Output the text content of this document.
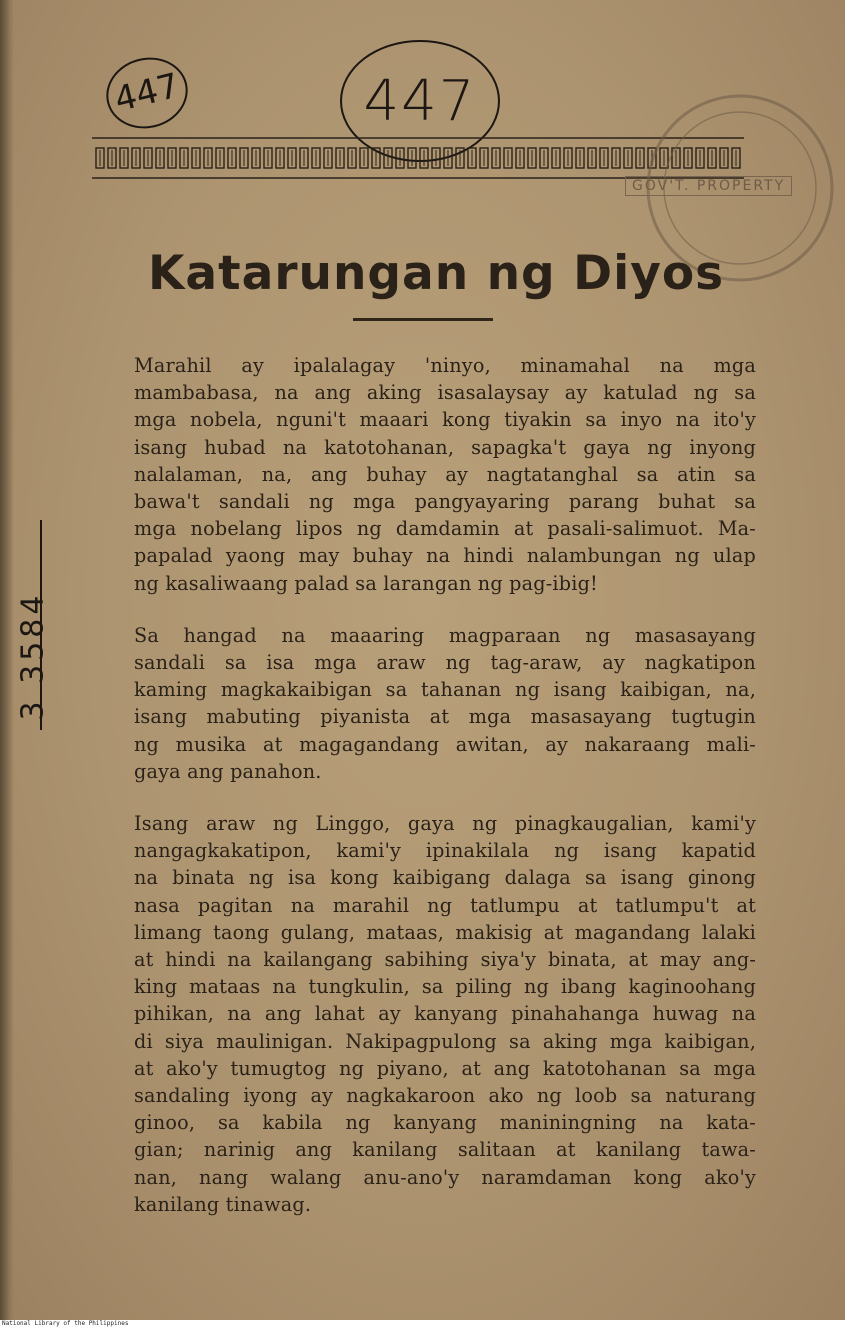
447	447
GOV'T. PROPERTY
3 3584
Katarungan ng Diyos

Marahil ay ipalalagay 'ninyo, minamahal na mga
mambabasa, na ang aking isasalaysay ay katulad ng sa
mga nobela, nguni't maaari kong tiyakin sa inyo na ito'y
isang hubad na katotohanan, sapagka't gaya ng inyong
nalalaman, na, ang buhay ay nagtatanghal sa atin sa
bawa't sandali ng mga pangyayaring parang buhat sa
mga nobelang lipos ng damdamin at pasali-salimuot. Ma-
papalad yaong may buhay na hindi nalambungan ng ulap
ng kasaliwaang palad sa larangan ng pag-ibig!

Sa hangad na maaaring magparaan ng masasayang
sandali sa isa mga araw ng tag-araw, ay nagkatipon
kaming magkakaibigan sa tahanan ng isang kaibigan, na,
isang mabuting piyanista at mga masasayang tugtugin
ng musika at magagandang awitan, ay nakaraang mali-
gaya ang panahon.

Isang araw ng Linggo, gaya ng pinagkaugalian, kami'y
nangagkakatipon, kami'y ipinakilala ng isang kapatid
na binata ng isa kong kaibigang dalaga sa isang ginong
nasa pagitan na marahil ng tatlumpu at tatlumpu't at
limang taong gulang, mataas, makisig at magandang lalaki
at hindi na kailangang sabihing siya'y binata, at may ang-
king mataas na tungkulin, sa piling ng ibang kaginoohang
pihikan, na ang lahat ay kanyang pinahahanga huwag na
di siya maulinigan. Nakipagpulong sa aking mga kaibigan,
at ako'y tumugtog ng piyano, at ang katotohanan sa mga
sandaling iyong ay nagkakaroon ako ng loob sa naturang
ginoo, sa kabila ng kanyang maniningning na kata-
gian; narinig ang kanilang salitaan at kanilang tawa-
nan, nang walang anu-ano'y naramdaman kong ako'y
kanilang tinawag.

National Library of the Philippines
